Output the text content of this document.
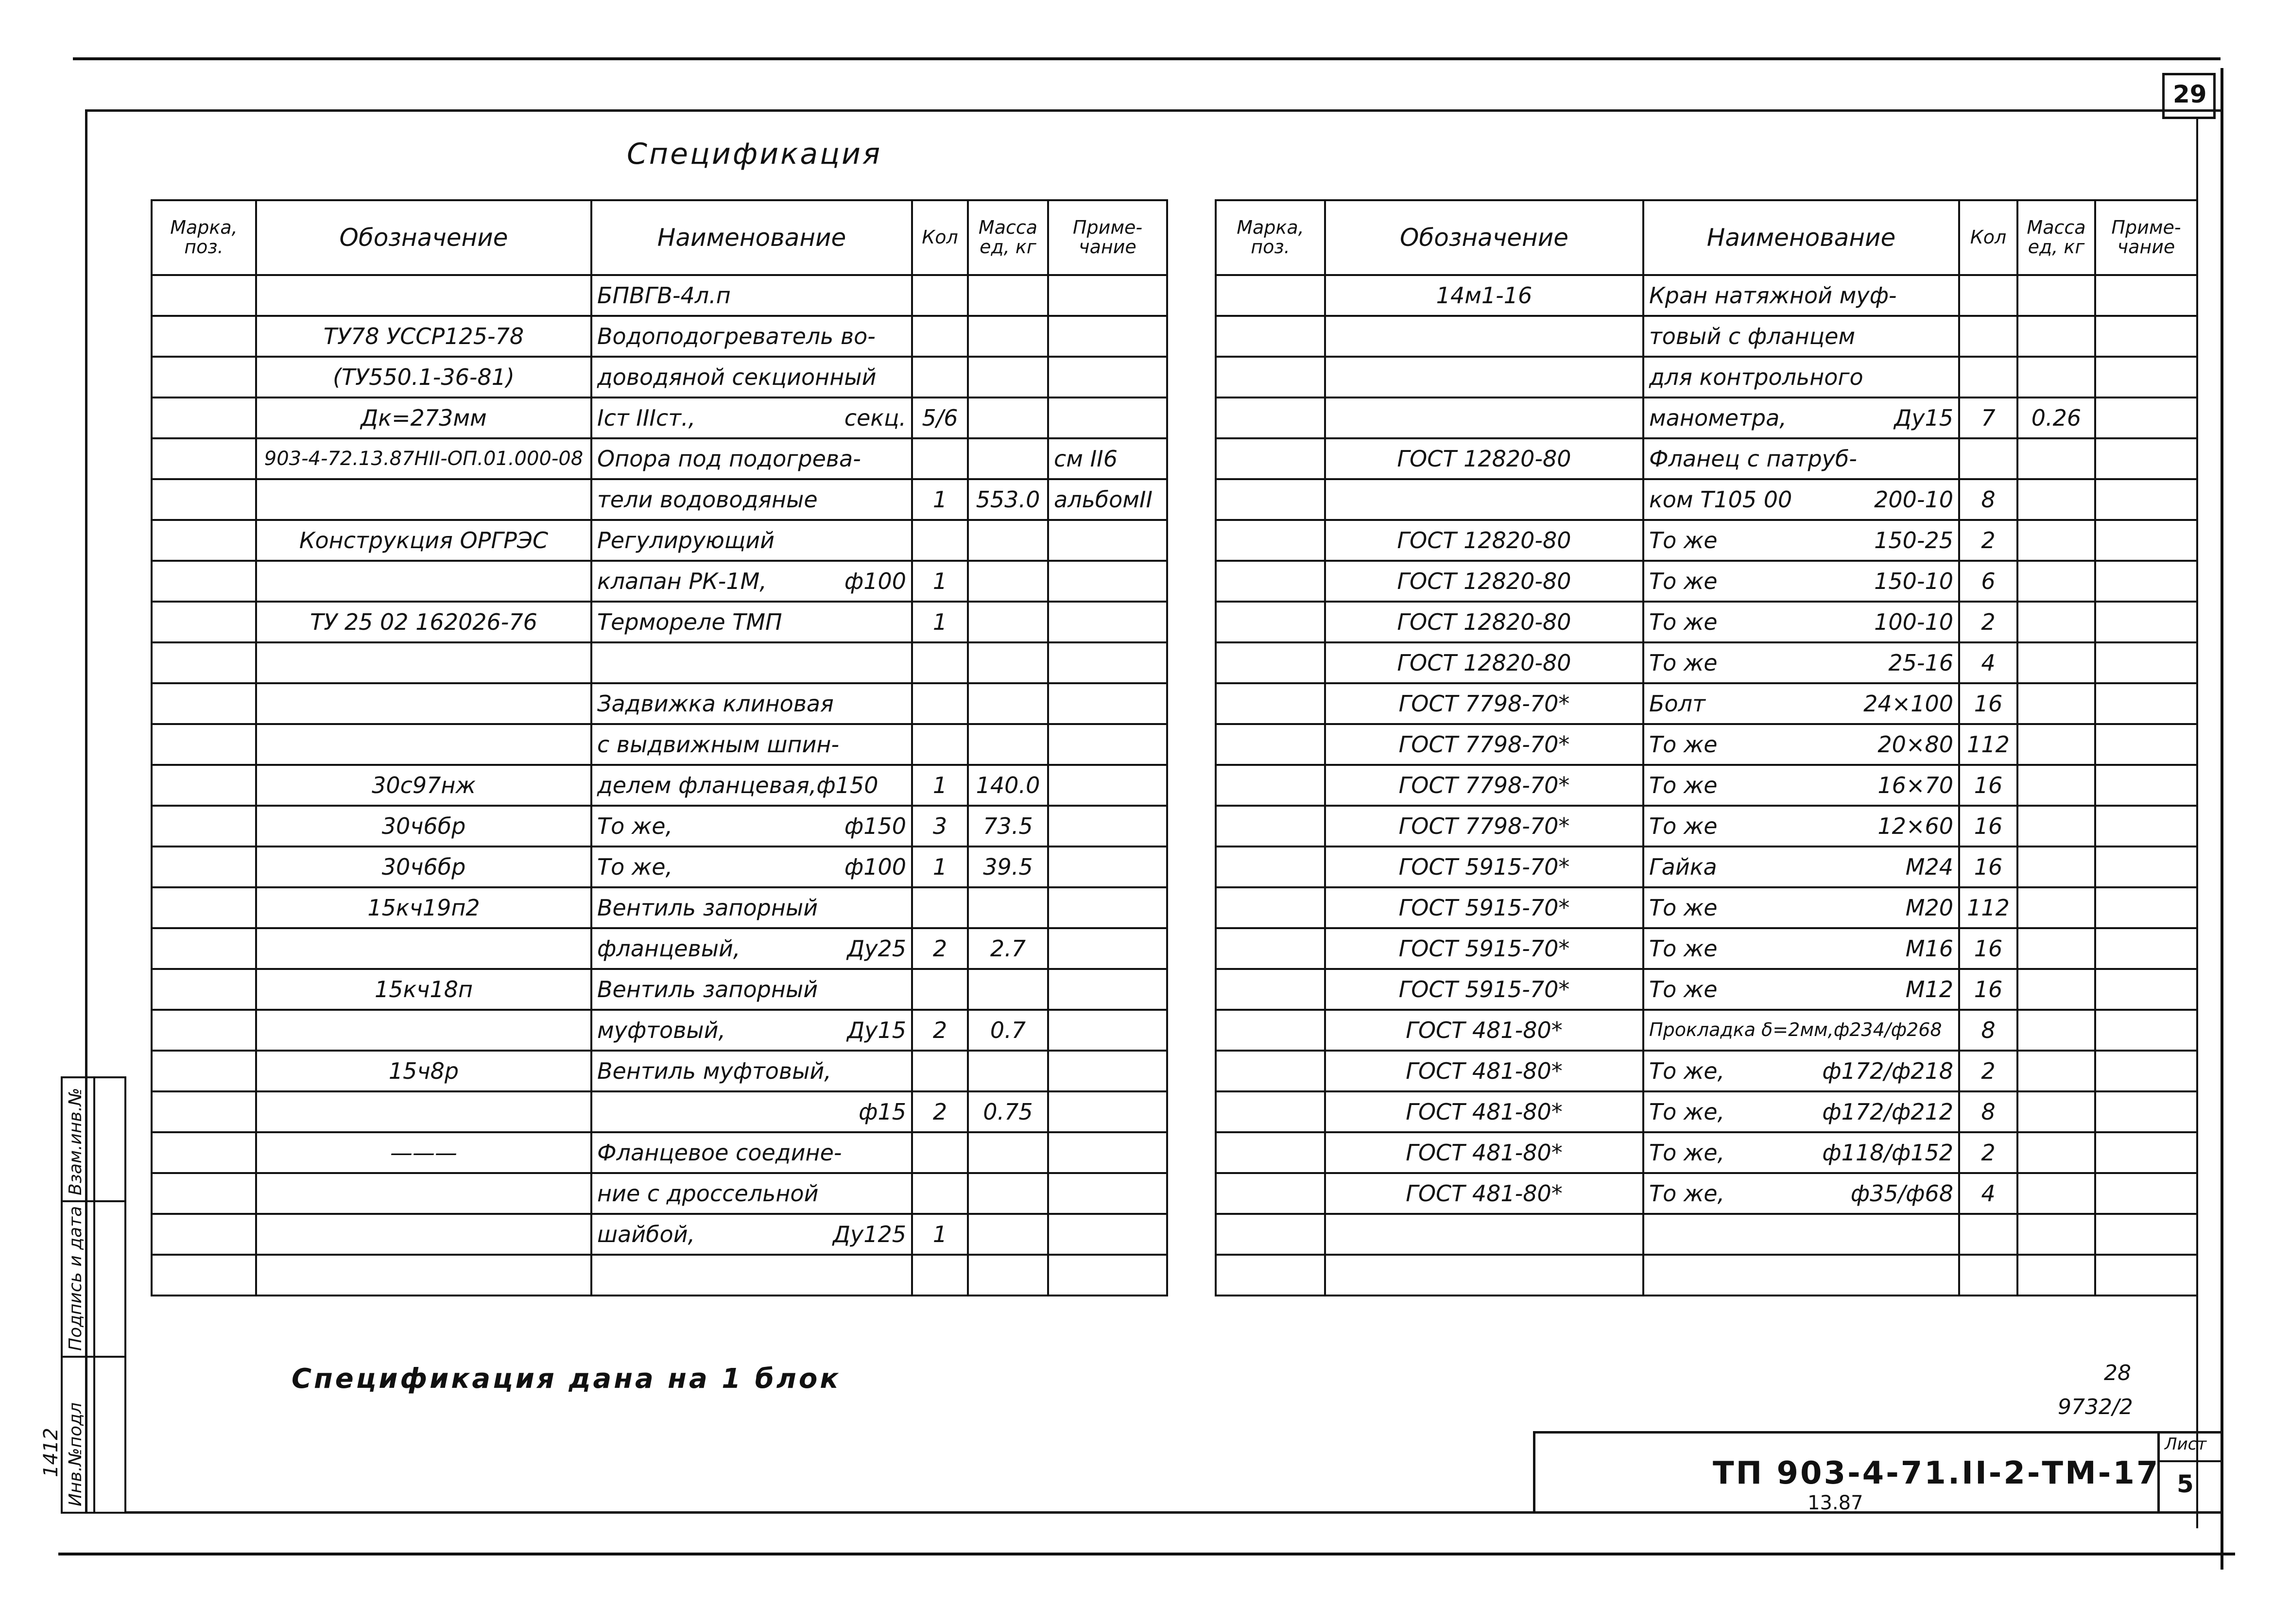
29
Инв.№подл
Подпись и дата
Взам.инв.№
1412
Спецификация
Марка, поз.	Обозначение	Наименование	Кол	Масса ед, кг	Приме-чание
		БПВГВ-4л.п

	ТУ78 УССР125-78	Водоподогреватель во-

	(ТУ550.1-36-81)	доводяной секционный

	Дк=273мм	Iст IIIст., секц.	5/6		
	903-4-72.13.87НII-ОП.01.000-08	Опора под подогрева-			см II6
		тели водоводяные	1	553.0	альбомII
	Конструкция ОРГРЭС	Регулирующий

		клапан РК-1М, ф100	1		
	ТУ 25 02 162026-76	Термореле ТМП	1		

		Задвижка клиновая

		с выдвижным шпин-

	30с97нж	делем фланцевая,ф150	1	140.0	
	30ч6бр	То же, ф150	3	73.5	
	30ч6бр	То же, ф100	1	39.5	
	15кч19п2	Вентиль запорный

		фланцевый, Ду25	2	2.7	
	15кч18п	Вентиль запорный

		муфтовый, Ду15	2	0.7	
	15ч8р	Вентиль муфтовый,

		ф15	2	0.75	
	———	Фланцевое соедине-

		ние с дроссельной

		шайбой, Ду125	1		

Марка, поз.	Обозначение	Наименование	Кол	Масса ед, кг	Приме-чание
	14м1-16	Кран натяжной муф-

		товый с фланцем

		для контрольного

		манометра, Ду15	7	0.26	
	ГОСТ 12820-80	Фланец с патруб-

		ком Т105 00 200-10	8		
	ГОСТ 12820-80	То же 150-25	2		
	ГОСТ 12820-80	То же 150-10	6		
	ГОСТ 12820-80	То же 100-10	2		
	ГОСТ 12820-80	То же 25-16	4		
	ГОСТ 7798-70*	Болт 24×100	16		
	ГОСТ 7798-70*	То же 20×80	112		
	ГОСТ 7798-70*	То же 16×70	16		
	ГОСТ 7798-70*	То же 12×60	16		
	ГОСТ 5915-70*	Гайка М24	16		
	ГОСТ 5915-70*	То же М20	112		
	ГОСТ 5915-70*	То же М16	16		
	ГОСТ 5915-70*	То же М12	16		
	ГОСТ 481-80*	Прокладка δ=2мм,ф234/ф268	8		
	ГОСТ 481-80*	То же, ф172/ф218	2		
	ГОСТ 481-80*	То же, ф172/ф212	8		
	ГОСТ 481-80*	То же, ф118/ф152	2		
	ГОСТ 481-80*	То же, ф35/ф68	4		

Спецификация дана на 1 блок	28
9732/2
Лист
5
ТП 903-4-71.II-2-ТМ-17
13.87
